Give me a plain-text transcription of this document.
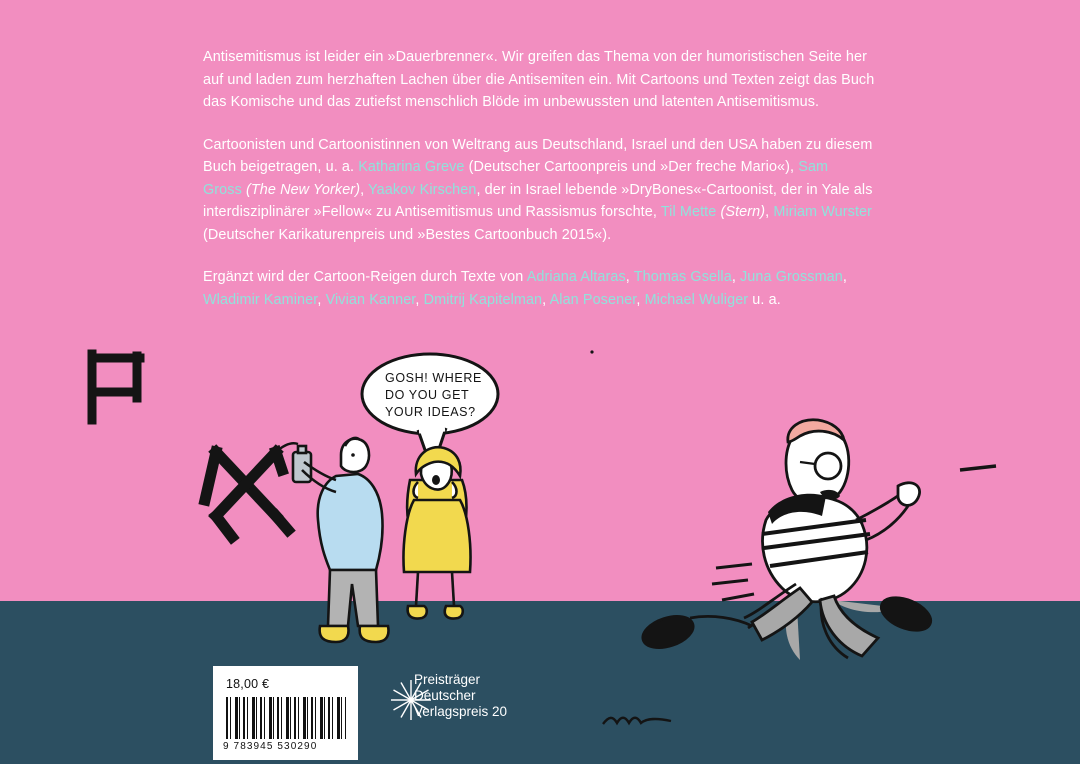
Antisemitismus ist leider ein »Dauerbrenner«. Wir greifen das Thema von der humoristischen Seite her auf und laden zum herzhaften Lachen über die Antisemiten ein. Mit Cartoons und Texten zeigt das Buch das Komische und das zutiefst menschlich Blöde im unbewussten und latenten Antisemitismus.

Cartoonisten und Cartoonistinnen von Weltrang aus Deutschland, Israel und den USA haben zu diesem Buch beigetragen, u. a. Katharina Greve (Deutscher Cartoonpreis und »Der freche Mario«), Sam Gross (The New Yorker), Yaakov Kirschen, der in Israel lebende »DryBones«-Cartoonist, der in Yale als interdisziplinärer »Fellow« zu Antisemitismus und Rassismus forschte, Til Mette (Stern), Miriam Wurster (Deutscher Karikaturenpreis und »Bestes Cartoonbuch 2015«).

Ergänzt wird der Cartoon-Reigen durch Texte von Adriana Altaras, Thomas Gsella, Juna Grossman, Wladimir Kaminer, Vivian Kanner, Dmitrij Kapitelman, Alan Posener, Michael Wuliger u. a.

GOSH! WHERE
DO YOU GET
YOUR IDEAS?
18,00 €
9 783945 530290
Preisträger
Deutscher
Verlagspreis 20
